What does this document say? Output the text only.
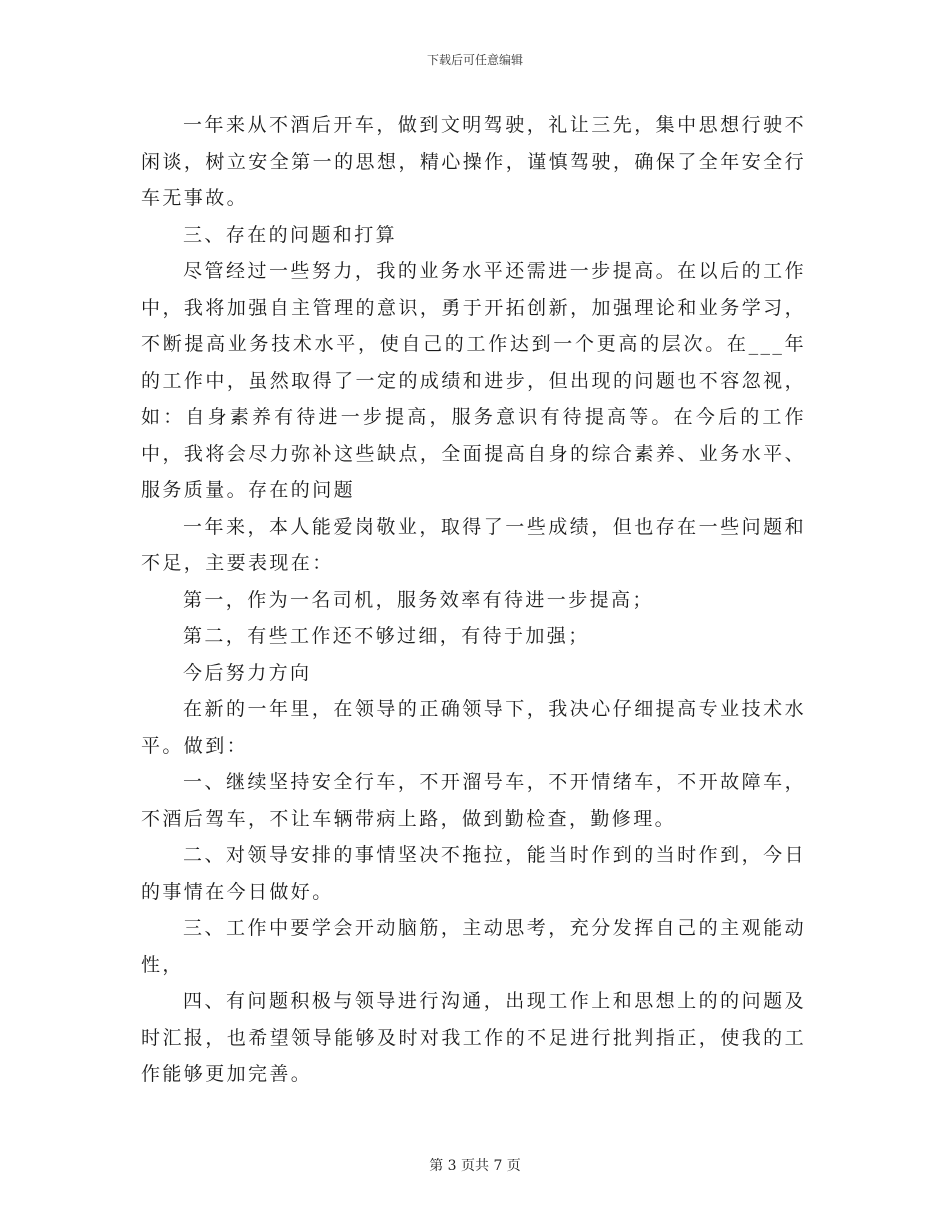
下载后可任意编辑

一年来从不酒后开车，做到文明驾驶，礼让三先，集中思想行驶不闲谈，树立安全第一的思想，精心操作，谨慎驾驶，确保了全年安全行车无事故。

三、存在的问题和打算

尽管经过一些努力，我的业务水平还需进一步提高。在以后的工作中，我将加强自主管理的意识，勇于开拓创新，加强理论和业务学习，不断提高业务技术水平，使自己的工作达到一个更高的层次。在___年的工作中，虽然取得了一定的成绩和进步，但出现的问题也不容忽视，如：自身素养有待进一步提高，服务意识有待提高等。在今后的工作中，我将会尽力弥补这些缺点，全面提高自身的综合素养、业务水平、服务质量。存在的问题

一年来，本人能爱岗敬业，取得了一些成绩，但也存在一些问题和不足，主要表现在：

第一，作为一名司机，服务效率有待进一步提高；

第二，有些工作还不够过细，有待于加强；

今后努力方向

在新的一年里，在领导的正确领导下，我决心仔细提高专业技术水平。做到：

一、继续坚持安全行车，不开溜号车，不开情绪车，不开故障车，不酒后驾车，不让车辆带病上路，做到勤检查，勤修理。

二、对领导安排的事情坚决不拖拉，能当时作到的当时作到，今日的事情在今日做好。

三、工作中要学会开动脑筋，主动思考，充分发挥自己的主观能动性，

四、有问题积极与领导进行沟通，出现工作上和思想上的的问题及时汇报，也希望领导能够及时对我工作的不足进行批判指正，使我的工作能够更加完善。

第 3 页共 7 页
